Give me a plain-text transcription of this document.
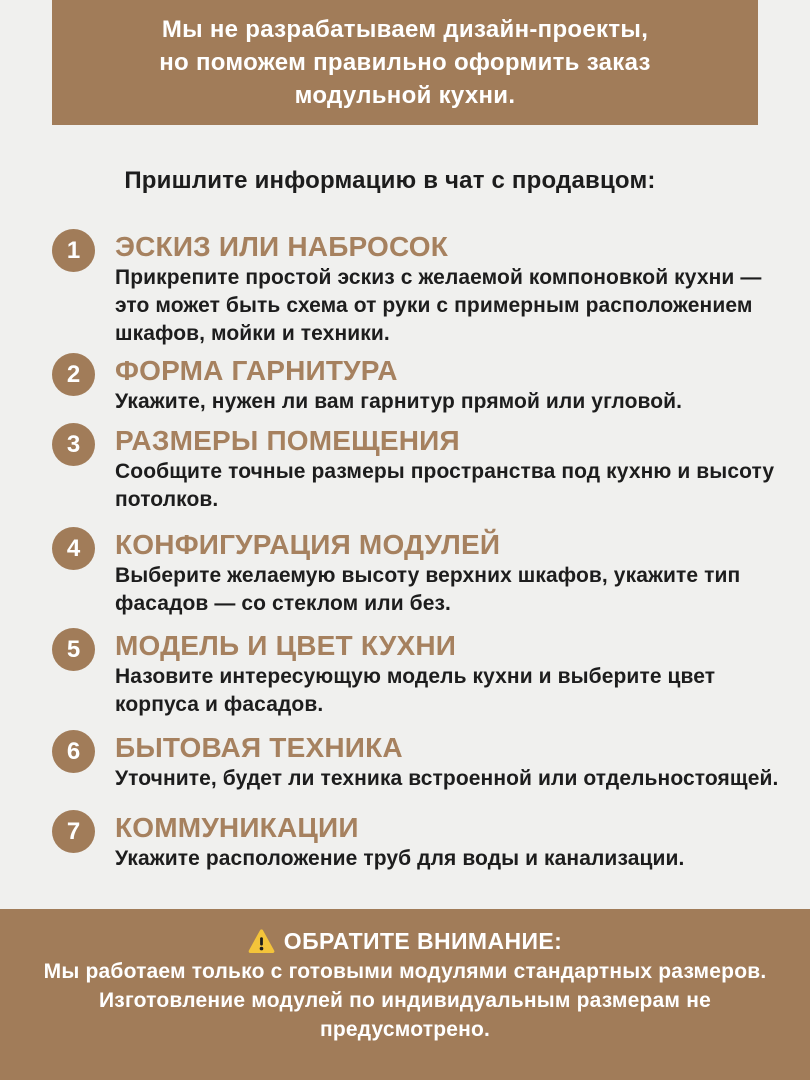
Мы не разрабатываем дизайн-проекты,
но поможем правильно оформить заказ
модульной кухни.
Пришлите информацию в чат с продавцом:
1 ЭСКИЗ ИЛИ НАБРОСОК
Прикрепите простой эскиз с желаемой компоновкой кухни —
это может быть схема от руки с примерным расположением
шкафов, мойки и техники.
2 ФОРМА ГАРНИТУРА
Укажите, нужен ли вам гарнитур прямой или угловой.
3 РАЗМЕРЫ ПОМЕЩЕНИЯ
Сообщите точные размеры пространства под кухню и высоту
потолков.
4 КОНФИГУРАЦИЯ МОДУЛЕЙ
Выберите желаемую высоту верхних шкафов, укажите тип
фасадов — со стеклом или без.
5 МОДЕЛЬ И ЦВЕТ КУХНИ
Назовите интересующую модель кухни и выберите цвет
корпуса и фасадов.
6 БЫТОВАЯ ТЕХНИКА
Уточните, будет ли техника встроенной или отдельностоящей.
7 КОММУНИКАЦИИ
Укажите расположение труб для воды и канализации.
ОБРАТИТЕ ВНИМАНИЕ:
Мы работаем только с готовыми модулями стандартных размеров.
Изготовление модулей по индивидуальным размерам не
предусмотрено.
